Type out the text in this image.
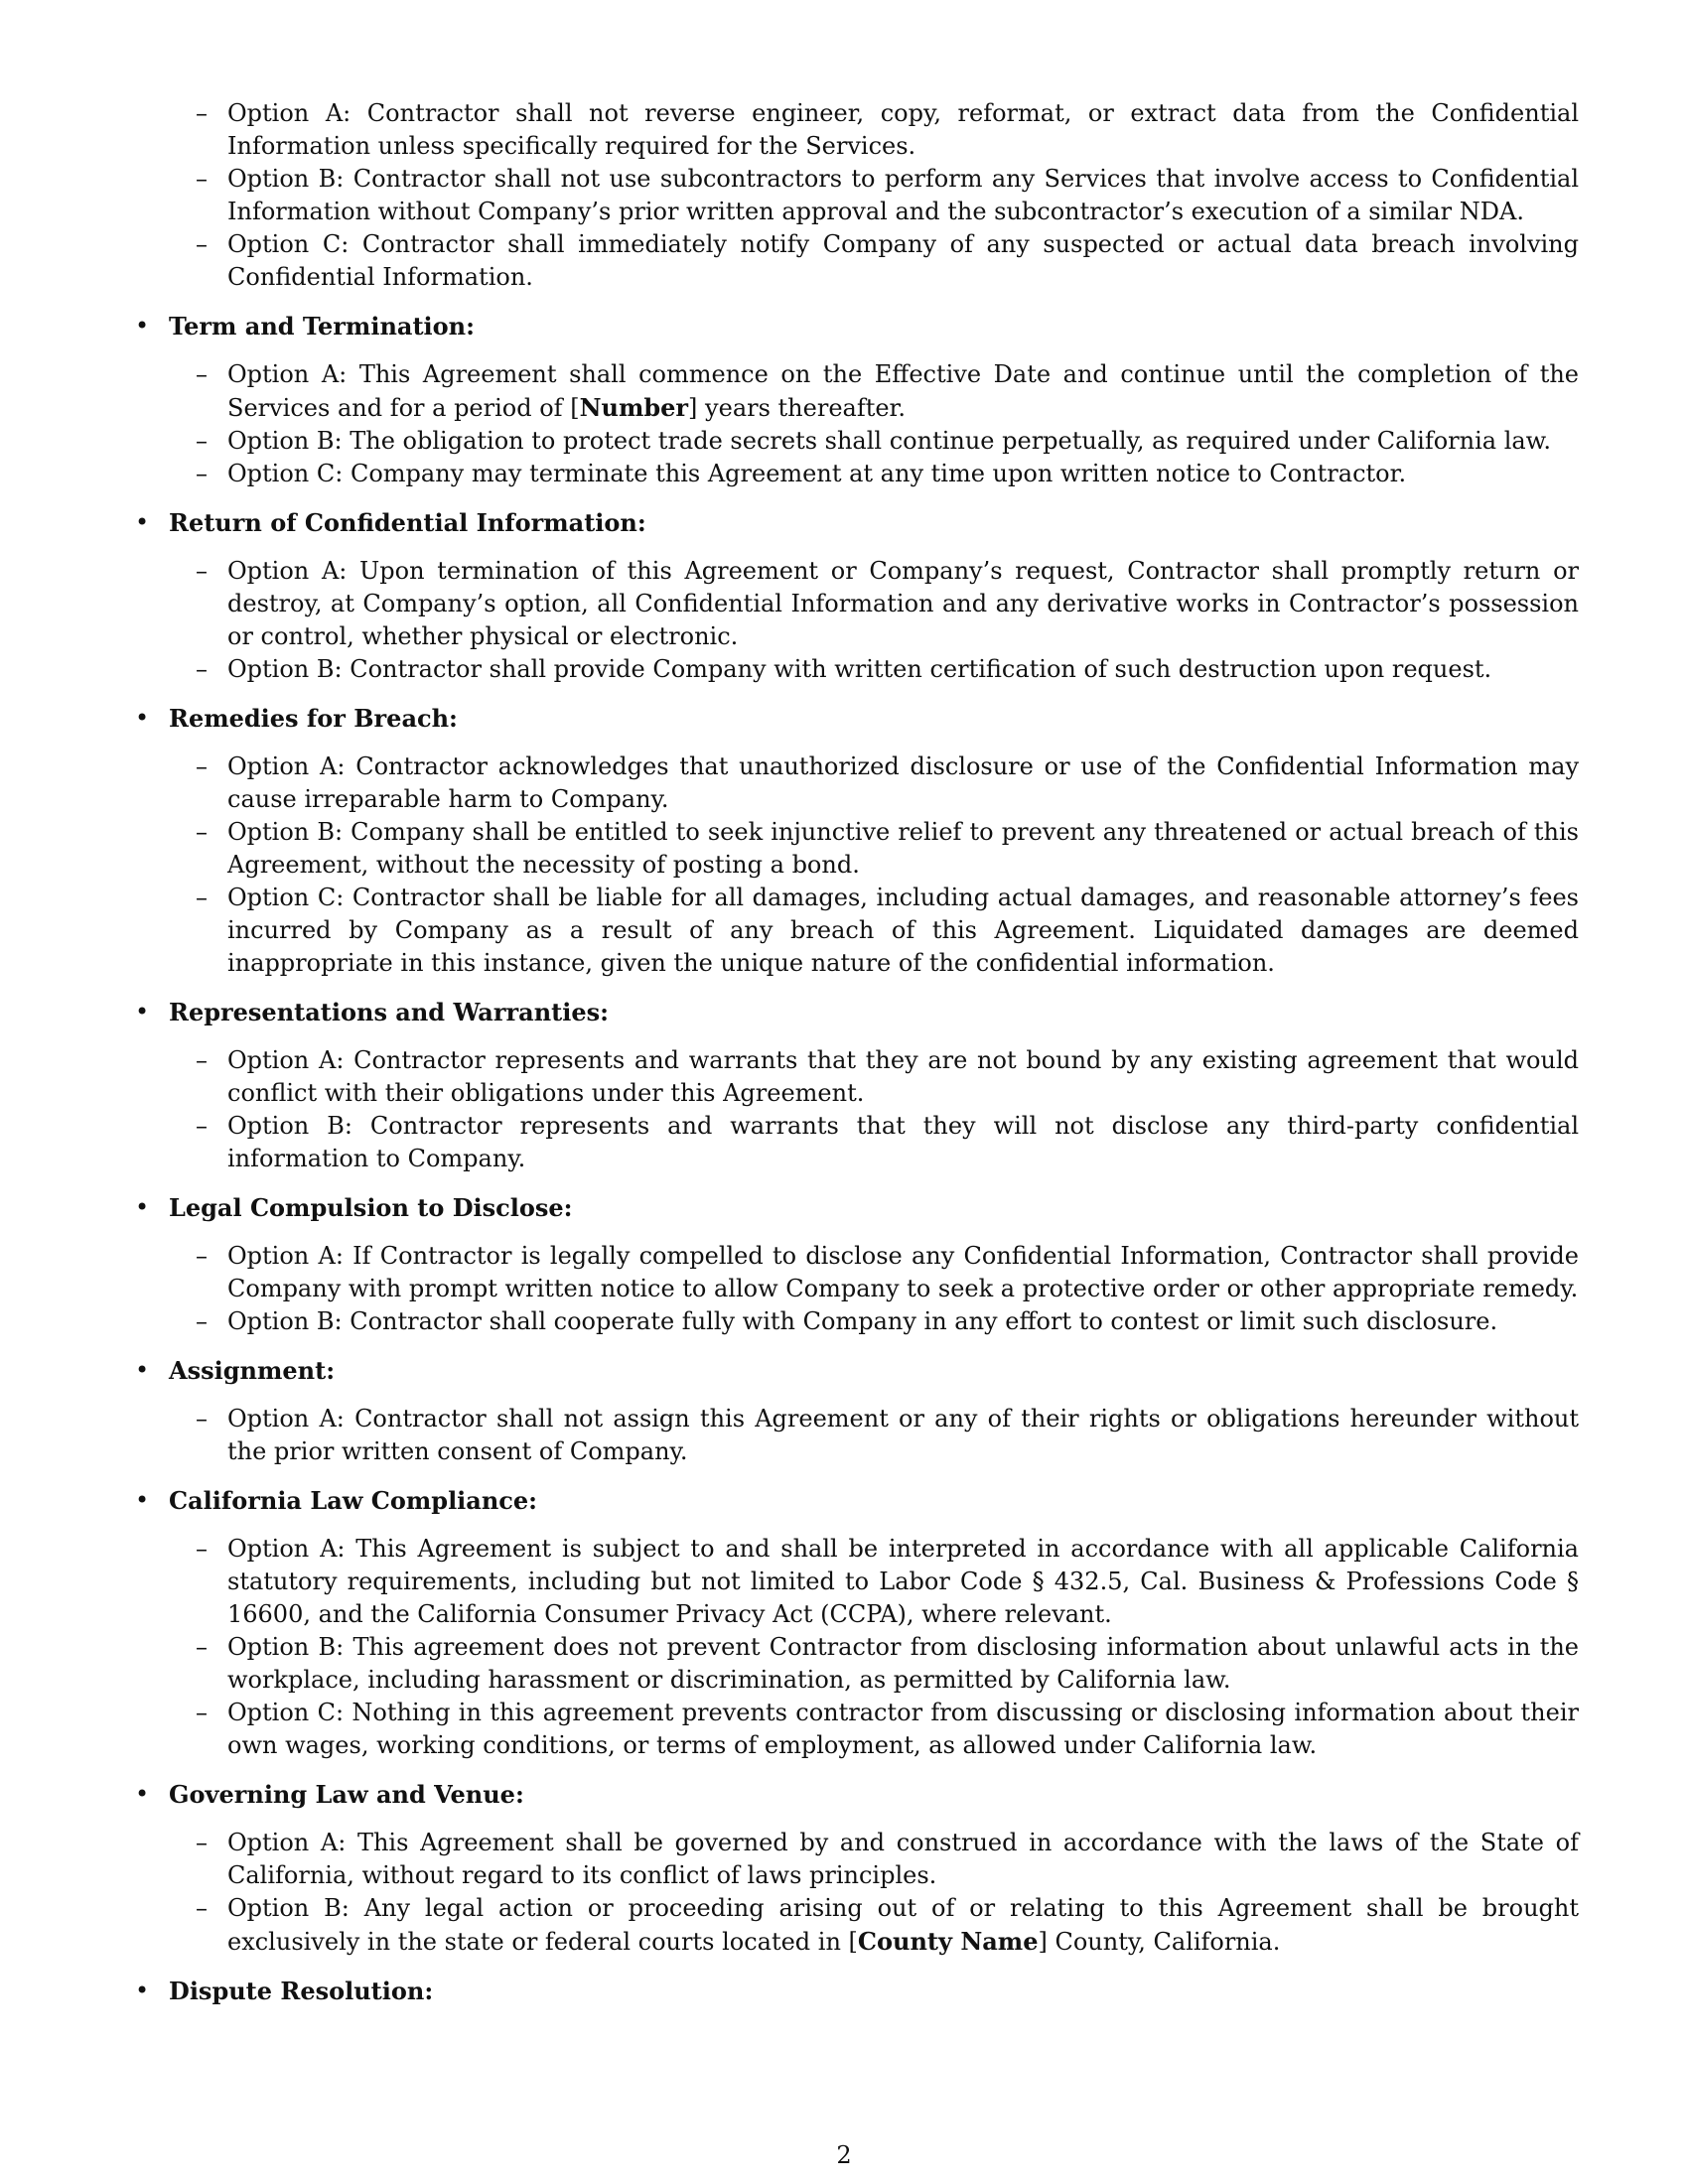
– Option A: Contractor shall not reverse engineer, copy, reformat, or extract data from the Confidential Information unless specifically required for the Services.
– Option B: Contractor shall not use subcontractors to perform any Services that involve access to Confidential Information without Company’s prior written approval and the subcontractor’s execution of a similar NDA.
– Option C: Contractor shall immediately notify Company of any suspected or actual data breach involving Confidential Information.
• Term and Termination:
– Option A: This Agreement shall commence on the Effective Date and continue until the completion of the Services and for a period of [Number] years thereafter.
– Option B: The obligation to protect trade secrets shall continue perpetually, as required under California law.
– Option C: Company may terminate this Agreement at any time upon written notice to Contractor.
• Return of Confidential Information:
– Option A: Upon termination of this Agreement or Company’s request, Contractor shall promptly return or destroy, at Company’s option, all Confidential Information and any derivative works in Contractor’s possession or control, whether physical or electronic.
– Option B: Contractor shall provide Company with written certification of such destruction upon request.
• Remedies for Breach:
– Option A: Contractor acknowledges that unauthorized disclosure or use of the Confidential Information may cause irreparable harm to Company.
– Option B: Company shall be entitled to seek injunctive relief to prevent any threatened or actual breach of this Agreement, without the necessity of posting a bond.
– Option C: Contractor shall be liable for all damages, including actual damages, and reasonable attorney’s fees incurred by Company as a result of any breach of this Agreement. Liquidated damages are deemed inappropriate in this instance, given the unique nature of the confidential information.
• Representations and Warranties:
– Option A: Contractor represents and warrants that they are not bound by any existing agreement that would conflict with their obligations under this Agreement.
– Option B: Contractor represents and warrants that they will not disclose any third-party confidential information to Company.
• Legal Compulsion to Disclose:
– Option A: If Contractor is legally compelled to disclose any Confidential Information, Contractor shall provide Company with prompt written notice to allow Company to seek a protective order or other appropriate remedy.
– Option B: Contractor shall cooperate fully with Company in any effort to contest or limit such disclosure.
• Assignment:
– Option A: Contractor shall not assign this Agreement or any of their rights or obligations hereunder without the prior written consent of Company.
• California Law Compliance:
– Option A: This Agreement is subject to and shall be interpreted in accordance with all applicable California statutory requirements, including but not limited to Labor Code § 432.5, Cal. Business & Professions Code § 16600, and the California Consumer Privacy Act (CCPA), where relevant.
– Option B: This agreement does not prevent Contractor from disclosing information about unlawful acts in the workplace, including harassment or discrimination, as permitted by California law.
– Option C: Nothing in this agreement prevents contractor from discussing or disclosing information about their own wages, working conditions, or terms of employment, as allowed under California law.
• Governing Law and Venue:
– Option A: This Agreement shall be governed by and construed in accordance with the laws of the State of California, without regard to its conflict of laws principles.
– Option B: Any legal action or proceeding arising out of or relating to this Agreement shall be brought exclusively in the state or federal courts located in [County Name] County, California.
• Dispute Resolution:
2
